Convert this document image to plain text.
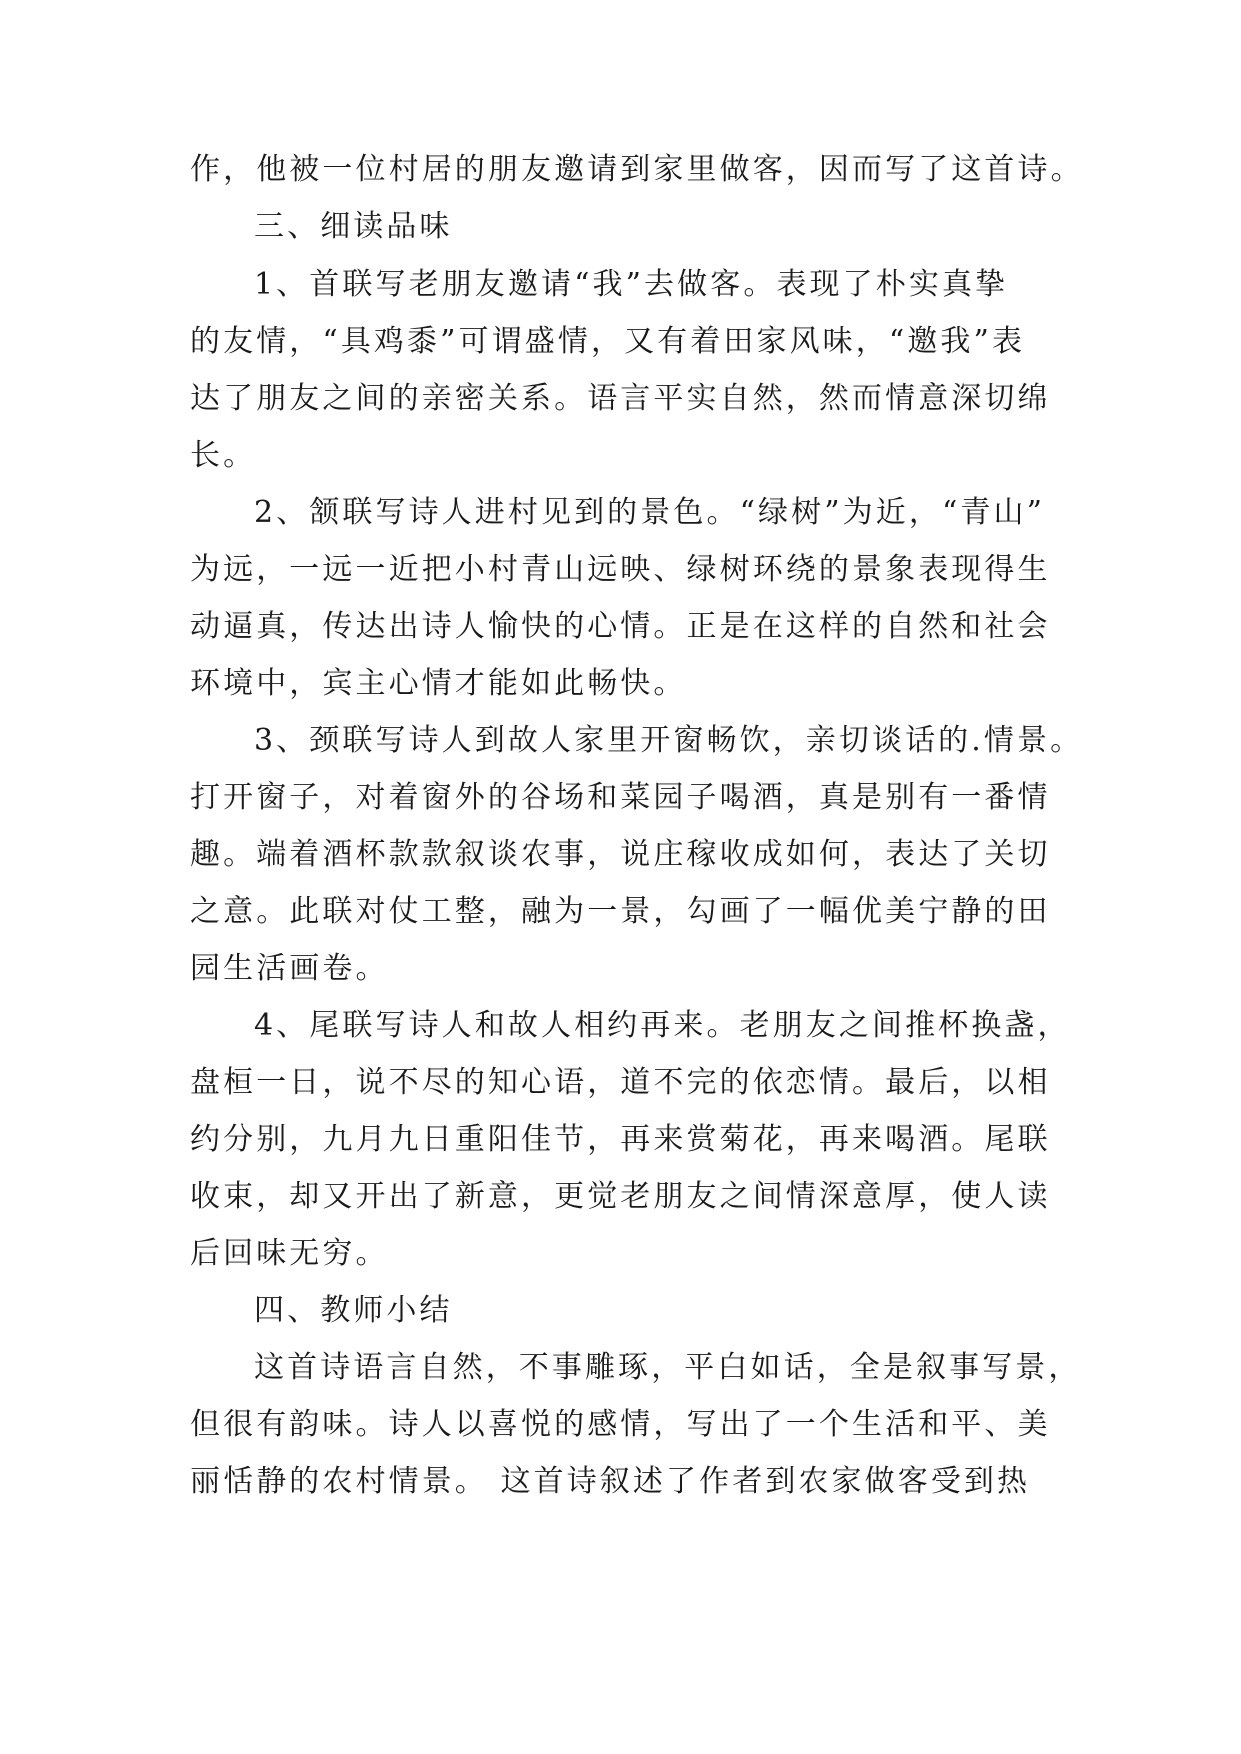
作，他被一位村居的朋友邀请到家里做客，因而写了这首诗。
三、细读品味
1、首联写老朋友邀请“我”去做客。表现了朴实真挚
的友情，“具鸡黍”可谓盛情，又有着田家风味，“邀我”表
达了朋友之间的亲密关系。语言平实自然，然而情意深切绵
长。
2、颔联写诗人进村见到的景色。“绿树”为近，“青山”
为远，一远一近把小村青山远映、绿树环绕的景象表现得生
动逼真，传达出诗人愉快的心情。正是在这样的自然和社会
环境中，宾主心情才能如此畅快。
3、颈联写诗人到故人家里开窗畅饮，亲切谈话的.情景。
打开窗子，对着窗外的谷场和菜园子喝酒，真是别有一番情
趣。端着酒杯款款叙谈农事，说庄稼收成如何，表达了关切
之意。此联对仗工整，融为一景，勾画了一幅优美宁静的田
园生活画卷。
4、尾联写诗人和故人相约再来。老朋友之间推杯换盏，
盘桓一日，说不尽的知心语，道不完的依恋情。最后，以相
约分别，九月九日重阳佳节，再来赏菊花，再来喝酒。尾联
收束，却又开出了新意，更觉老朋友之间情深意厚，使人读
后回味无穷。
四、教师小结
这首诗语言自然，不事雕琢，平白如话，全是叙事写景，
但很有韵味。诗人以喜悦的感情，写出了一个生活和平、美
丽恬静的农村情景。 这首诗叙述了作者到农家做客受到热
